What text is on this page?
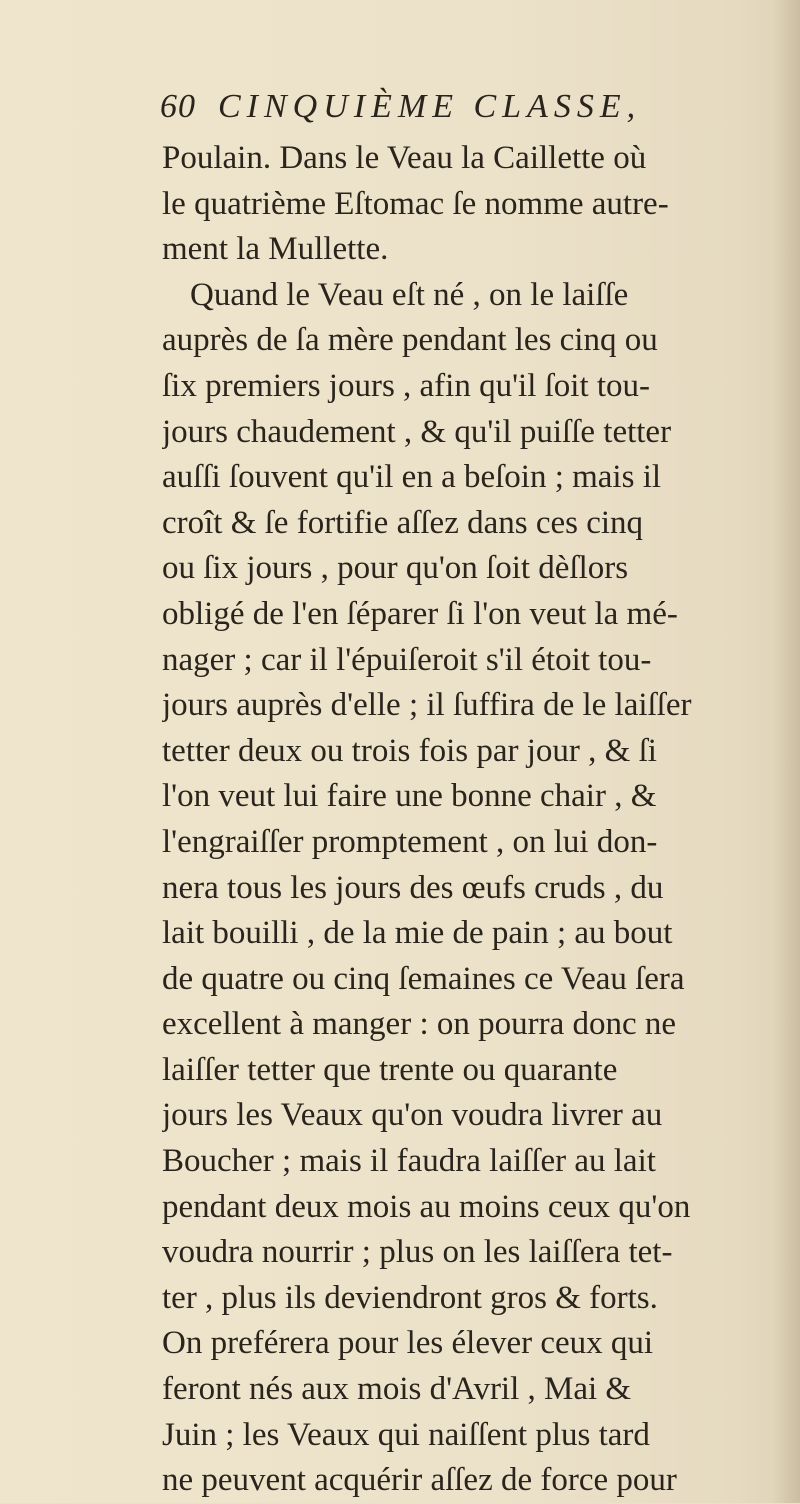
60 CINQUIÈME CLASSE,
Poulain. Dans le Veau la Caillette où
le quatrième Eſtomac ſe nomme autre-
ment la Mullette.
Quand le Veau eſt né , on le laiſſe
auprès de ſa mère pendant les cinq ou
ſix premiers jours , afin qu'il ſoit tou-
jours chaudement , & qu'il puiſſe tetter
auſſi ſouvent qu'il en a beſoin ; mais il
croît & ſe fortifie aſſez dans ces cinq
ou ſix jours , pour qu'on ſoit dèſlors
obligé de l'en ſéparer ſi l'on veut la mé-
nager ; car il l'épuiſeroit s'il étoit tou-
jours auprès d'elle ; il ſuffira de le laiſſer
tetter deux ou trois fois par jour , & ſi
l'on veut lui faire une bonne chair , &
l'engraiſſer promptement , on lui don-
nera tous les jours des œufs cruds , du
lait bouilli , de la mie de pain ; au bout
de quatre ou cinq ſemaines ce Veau ſera
excellent à manger : on pourra donc ne
laiſſer tetter que trente ou quarante
jours les Veaux qu'on voudra livrer au
Boucher ; mais il faudra laiſſer au lait
pendant deux mois au moins ceux qu'on
voudra nourrir ; plus on les laiſſera tet-
ter , plus ils deviendront gros & forts.
On preférera pour les élever ceux qui
feront nés aux mois d'Avril , Mai &
Juin ; les Veaux qui naiſſent plus tard
ne peuvent acquérir aſſez de force pour
